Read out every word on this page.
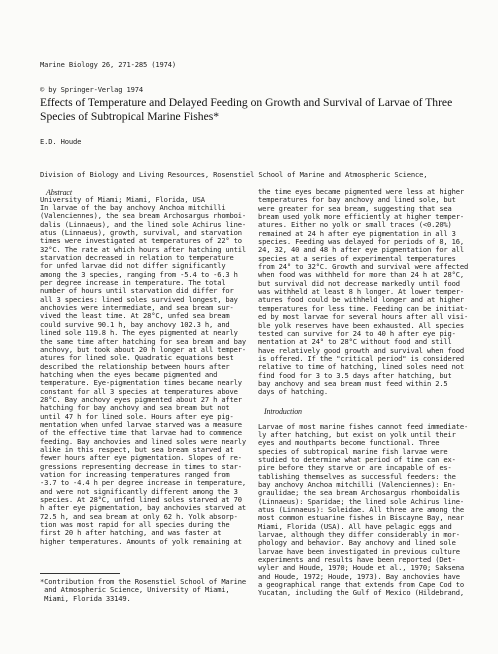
Marine Biology 26, 271-285 (1974)

© by Springer-Verlag 1974

Effects of Temperature and Delayed Feeding on Growth and Survival of Larvae of Three Species of Subtropical Marine Fishes*
E.D. Houde

Division of Biology and Living Resources, Rosenstiel School of Marine and Atmospheric Science,

University of Miami; Miami, Florida, USA

Abstract
In larvae of the bay anchovy Anchoa mitchilli
(Valenciennes), the sea bream Archosargus rhomboi-
dalis (Linnaeus), and the lined sole Achirus line-
atus (Linnaeus), growth, survival, and starvation
times were investigated at temperatures of 22° to
32°C. The rate at which hours after hatching until
starvation decreased in relation to temperature
for unfed larvae did not differ significantly
among the 3 species, ranging from -5.4 to -6.3 h
per degree increase in temperature. The total
number of hours until starvation did differ for
all 3 species: lined soles survived longest, bay
anchovies were intermediate, and sea bream sur-
vived the least time. At 28°C, unfed sea bream
could survive 90.1 h, bay anchovy 102.3 h, and
lined sole 119.8 h. The eyes pigmented at nearly
the same time after hatching for sea bream and bay
anchovy, but took about 20 h longer at all temper-
atures for lined sole. Quadratic equations best
described the relationship between hours after
hatching when the eyes became pigmented and
temperature. Eye-pigmentation times became nearly
constant for all 3 species at temperatures above
28°C. Bay anchovy eyes pigmented about 27 h after
hatching for bay anchovy and sea bream but not
until 47 h for lined sole. Hours after eye pig-
mentation when unfed larvae starved was a measure
of the effective time that larvae had to commence
feeding. Bay anchovies and lined soles were nearly
alike in this respect, but sea bream starved at
fewer hours after eye pigmentation. Slopes of re-
gressions representing decrease in times to star-
vation for increasing temperatures ranged from
-3.7 to -4.4 h per degree increase in temperature,
and were not significantly different among the 3
species. At 28°C, unfed lined soles starved at 70
h after eye pigmentation, bay anchovies starved at
72.5 h, and sea bream at only 62 h. Yolk absorp-
tion was most rapid for all species during the
first 20 h after hatching, and was faster at
higher temperatures. Amounts of yolk remaining at
the time eyes became pigmented were less at higher
temperatures for bay anchovy and lined sole, but
were greater for sea bream, suggesting that sea
bream used yolk more efficiently at higher temper-
atures. Either no yolk or small traces (<0.20%)
remained at 24 h after eye pigmentation in all 3
species. Feeding was delayed for periods of 8, 16,
24, 32, 40 and 48 h after eye pigmentation for all
species at a series of experimental temperatures
from 24° to 32°C. Growth and survival were affected
when food was withheld for more than 24 h at 28°C,
but survival did not decrease markedly until food
was withheld at least 8 h longer. At lower temper-
atures food could be withheld longer and at higher
temperatures for less time. Feeding can be initiat-
ed by most larvae for several hours after all visi-
ble yolk reserves have been exhausted. All species
tested can survive for 24 to 40 h after eye pig-
mentation at 24° to 28°C without food and still
have relatively good growth and survival when food
is offered. If the "critical period" is considered
relative to time of hatching, lined soles need not
find food for 3 to 3.5 days after hatching, but
bay anchovy and sea bream must feed within 2.5
days of hatching.
Introduction
Larvae of most marine fishes cannot feed immediate-
ly after hatching, but exist on yolk until their
eyes and mouthparts become functional. Three
species of subtropical marine fish larvae were
studied to determine what period of time can ex-
pire before they starve or are incapable of es-
tablishing themselves as successful feeders: the
bay anchovy Anchoa mitchilli (Valenciennes): En-
graulidae; the sea bream Archosargus rhomboidalis
(Linnaeus): Sparidae; the lined sole Achirus line-
atus (Linnaeus): Soleidae. All three are among the
most common estuarine fishes in Biscayne Bay, near
Miami, Florida (USA). All have pelagic eggs and
larvae, although they differ considerably in mor-
phology and behavior. Bay anchovy and lined sole
larvae have been investigated in previous culture
experiments and results have been reported (Det-
wyler and Houde, 1970; Houde et al., 1970; Saksena
and Houde, 1972; Houde, 1973). Bay anchovies have
a geographical range that extends from Cape Cod to
Yucatan, including the Gulf of Mexico (Hildebrand,
*Contribution from the Rosenstiel School of Marine
and Atmospheric Science, University of Miami,
Miami, Florida 33149.
